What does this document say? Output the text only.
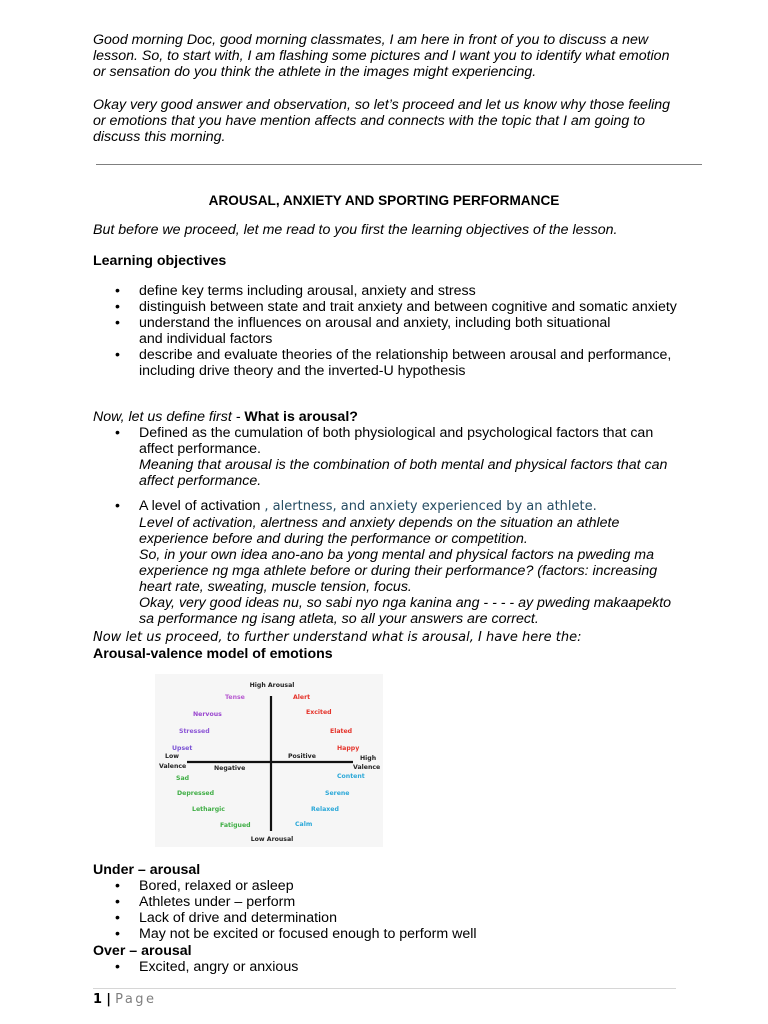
Good morning Doc, good morning classmates, I am here in front of you to discuss a new lesson. So, to start with, I am flashing some pictures and I want you to identify what emotion or sensation do you think the athlete in the images might experiencing.
Okay very good answer and observation, so let’s proceed and let us know why those feeling or emotions that you have mention affects and connects with the topic that I am going to discuss this morning.
AROUSAL, ANXIETY AND SPORTING PERFORMANCE
But before we proceed, let me read to you first the learning objectives of the lesson.
Learning objectives
• define key terms including arousal, anxiety and stress
• distinguish between state and trait anxiety and between cognitive and somatic anxiety
• understand the influences on arousal and anxiety, including both situational and individual factors
• describe and evaluate theories of the relationship between arousal and performance, including drive theory and the inverted-U hypothesis
Now, let us define first - What is arousal?
• Defined as the cumulation of both physiological and psychological factors that can affect performance.
Meaning that arousal is the combination of both mental and physical factors that can affect performance.
• A level of activation , alertness, and anxiety experienced by an athlete.
Level of activation, alertness and anxiety depends on the situation an athlete experience before and during the performance or competition.
So, in your own idea ano-ano ba yong mental and physical factors na pweding ma experience ng mga athlete before or during their performance? (factors: increasing heart rate, sweating, muscle tension, focus.
Okay, very good ideas nu, so sabi nyo nga kanina ang - - - - ay pweding makaapekto sa performance ng isang atleta, so all your answers are correct.
Now let us proceed, to further understand what is arousal, I have here the:
Arousal-valence model of emotions
High Arousal
Low Arousal
Low
Valence
High
Valence
Negative
Positive
Tense	Alert
Nervous	Excited
Stressed	Elated
Upset	Happy
Sad	Content
Depressed	Serene
Lethargic	Relaxed
Fatigued	Calm
Under – arousal
• Bored, relaxed or asleep
• Athletes under – perform
• Lack of drive and determination
• May not be excited or focused enough to perform well
Over – arousal
• Excited, angry or anxious
1 | Page
